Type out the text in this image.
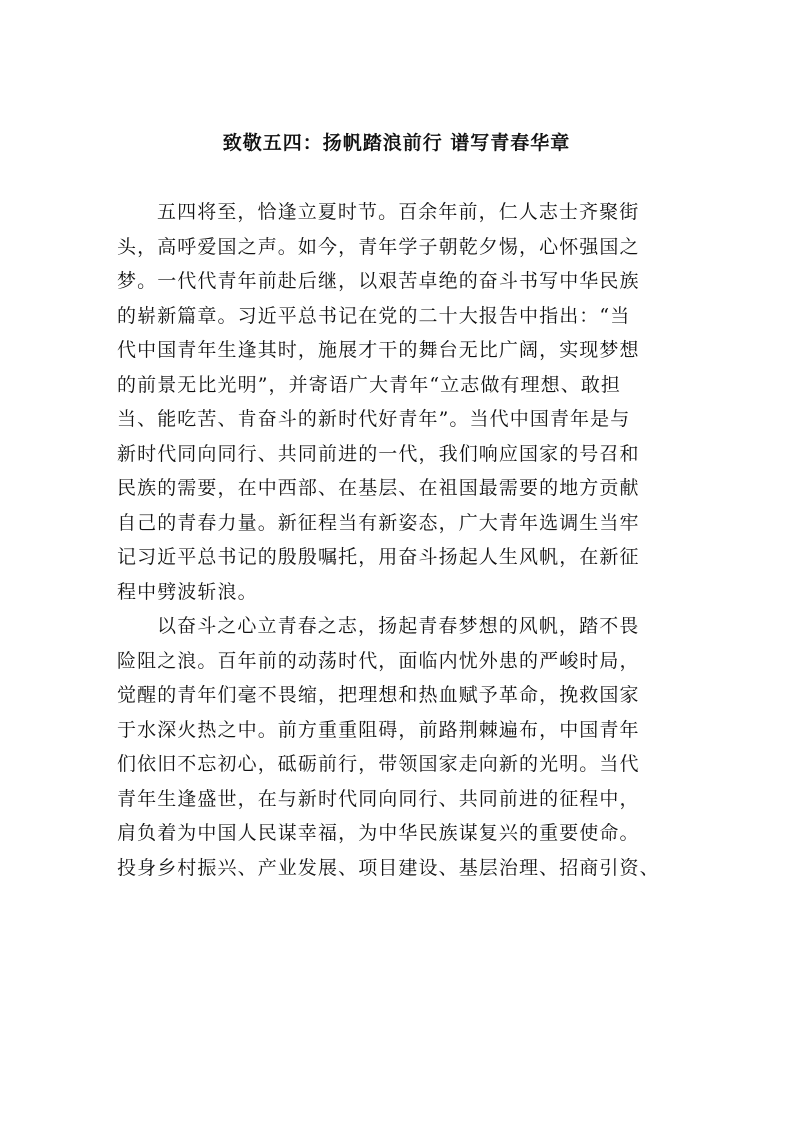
致敬五四：扬帆踏浪前行 谱写青春华章

五四将至，恰逢立夏时节。百余年前，仁人志士齐聚街
头，高呼爱国之声。如今，青年学子朝乾夕惕，心怀强国之
梦。一代代青年前赴后继，以艰苦卓绝的奋斗书写中华民族
的崭新篇章。习近平总书记在党的二十大报告中指出：“当
代中国青年生逢其时，施展才干的舞台无比广阔，实现梦想
的前景无比光明”，并寄语广大青年“立志做有理想、敢担
当、能吃苦、肯奋斗的新时代好青年”。当代中国青年是与
新时代同向同行、共同前进的一代，我们响应国家的号召和
民族的需要，在中西部、在基层、在祖国最需要的地方贡献
自己的青春力量。新征程当有新姿态，广大青年选调生当牢
记习近平总书记的殷殷嘱托，用奋斗扬起人生风帆，在新征
程中劈波斩浪。

以奋斗之心立青春之志，扬起青春梦想的风帆，踏不畏
险阻之浪。百年前的动荡时代，面临内忧外患的严峻时局，
觉醒的青年们毫不畏缩，把理想和热血赋予革命，挽救国家
于水深火热之中。前方重重阻碍，前路荆棘遍布，中国青年
们依旧不忘初心，砥砺前行，带领国家走向新的光明。当代
青年生逢盛世，在与新时代同向同行、共同前进的征程中，
肩负着为中国人民谋幸福，为中华民族谋复兴的重要使命。
投身乡村振兴、产业发展、项目建设、基层治理、招商引资、
